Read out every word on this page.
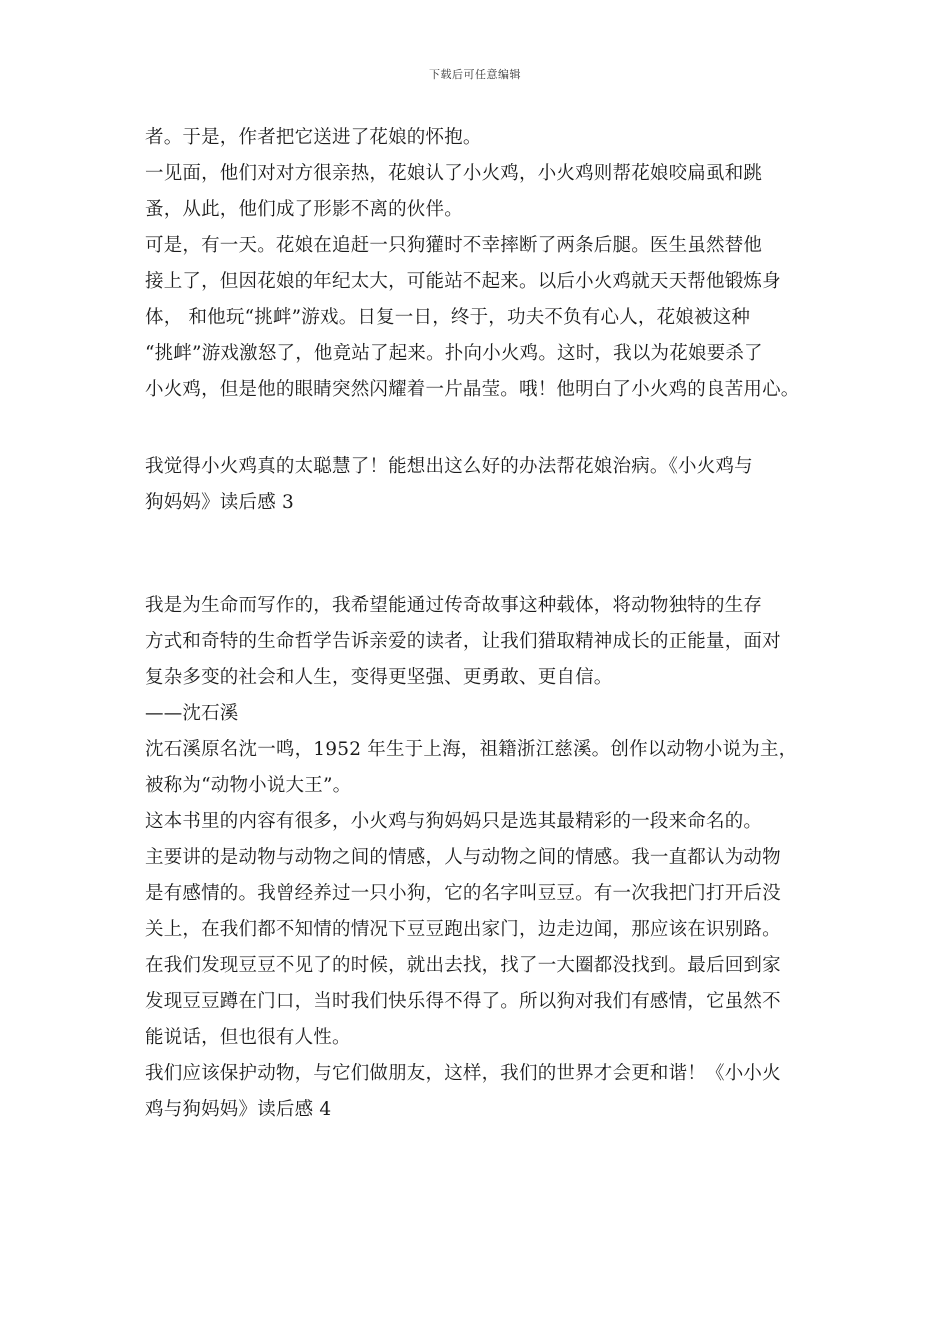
下载后可任意编辑
者。于是，作者把它送进了花娘的怀抱。
一见面，他们对对方很亲热，花娘认了小火鸡，小火鸡则帮花娘咬扁虱和跳
蚤，从此，他们成了形影不离的伙伴。
可是，有一天。花娘在追赶一只狗獾时不幸摔断了两条后腿。医生虽然替他
接上了，但因花娘的年纪太大，可能站不起来。以后小火鸡就天天帮他锻炼身
体， 和他玩“挑衅”游戏。日复一日，终于，功夫不负有心人，花娘被这种
“挑衅”游戏激怒了，他竟站了起来。扑向小火鸡。这时，我以为花娘要杀了
小火鸡，但是他的眼睛突然闪耀着一片晶莹。哦！他明白了小火鸡的良苦用心。
我觉得小火鸡真的太聪慧了！能想出这么好的办法帮花娘治病。《小火鸡与
狗妈妈》读后感 3
我是为生命而写作的，我希望能通过传奇故事这种载体，将动物独特的生存
方式和奇特的生命哲学告诉亲爱的读者，让我们猎取精神成长的正能量，面对
复杂多变的社会和人生，变得更坚强、更勇敢、更自信。
——沈石溪
沈石溪原名沈一鸣，1952 年生于上海，祖籍浙江慈溪。创作以动物小说为主，
被称为“动物小说大王”。
这本书里的内容有很多，小火鸡与狗妈妈只是选其最精彩的一段来命名的。
主要讲的是动物与动物之间的情感，人与动物之间的情感。我一直都认为动物
是有感情的。我曾经养过一只小狗，它的名字叫豆豆。有一次我把门打开后没
关上，在我们都不知情的情况下豆豆跑出家门，边走边闻，那应该在识别路。
在我们发现豆豆不见了的时候，就出去找，找了一大圈都没找到。最后回到家
发现豆豆蹲在门口，当时我们快乐得不得了。所以狗对我们有感情，它虽然不
能说话，但也很有人性。
我们应该保护动物，与它们做朋友，这样，我们的世界才会更和谐！《小小火
鸡与狗妈妈》读后感 4
